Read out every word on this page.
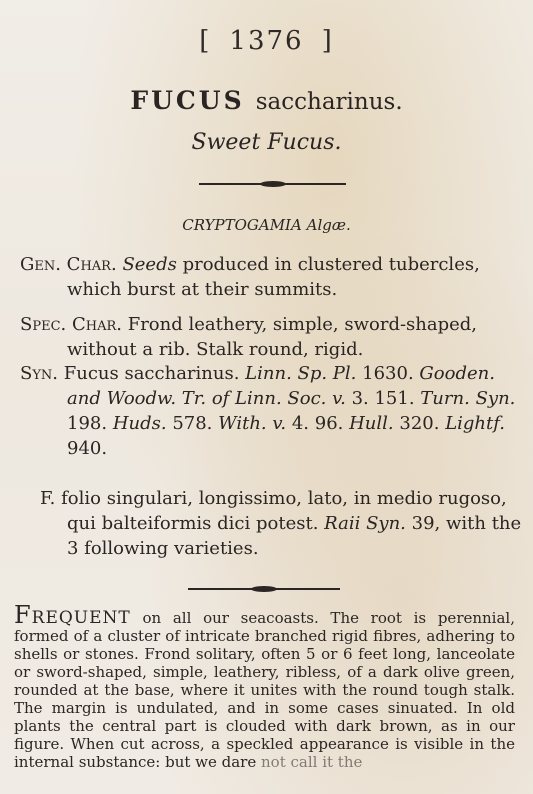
[ 1376 ]
FUCUS saccharinus.
Sweet Fucus.
CRYPTOGAMIA Algæ.
Gen. Char. Seeds produced in clustered tubercles,
which burst at their summits.
Spec. Char. Frond leathery, simple, sword-shaped,
without a rib. Stalk round, rigid.
Syn. Fucus saccharinus. Linn. Sp. Pl. 1630. Gooden.
and Woodw. Tr. of Linn. Soc. v. 3. 151. Turn. Syn. 198. Huds. 578. With. v. 4. 96. Hull. 320. Lightf. 940.
F. folio singulari, longissimo, lato, in medio rugoso,
qui balteiformis dici potest. Raii Syn. 39, with the
3 following varieties.

Frequent on all our seacoasts. The root is perennial, formed of a cluster of intricate branched rigid fibres, adhering to shells or stones. Frond solitary, often 5 or 6 feet long, lanceolate or sword-shaped, simple, leathery, ribless, of a dark olive green, rounded at the base, where it unites with the round tough stalk. The margin is undulated, and in some cases sinuated. In old plants the central part is clouded with dark brown, as in our figure. When cut across, a speckled appearance is visible in the internal substance: but we dare not call it the
